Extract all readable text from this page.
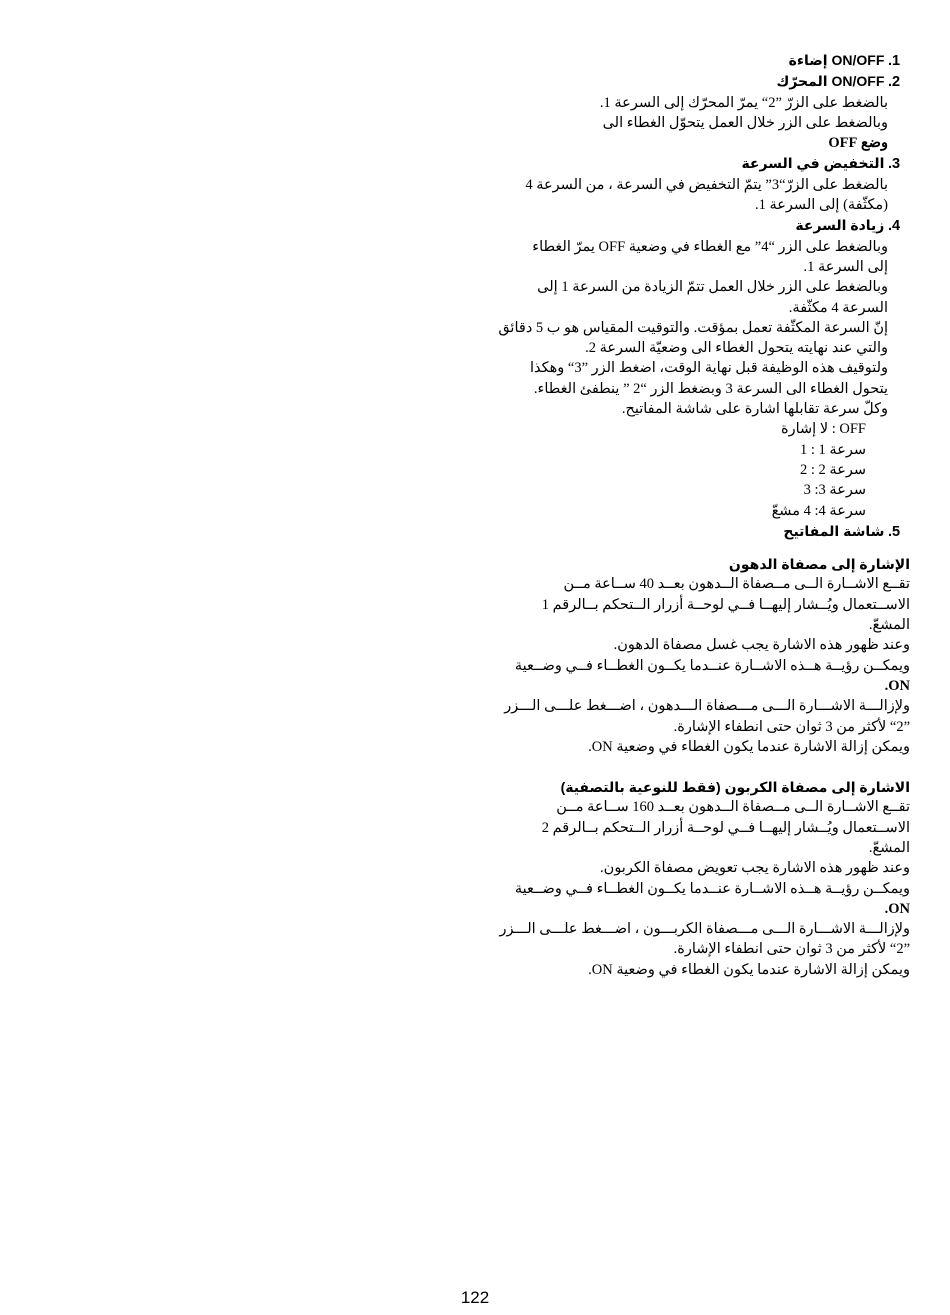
1. ON/OFF إضاءة
2. ON/OFF المحرّك
بالضغط على الزرّ ”2“ يمرّ المحرّك إلى السرعة 1.
وبالضغط على الزر خلال العمل يتحوّل الغطاء الى
وضع OFF
3. التخفيض في السرعة
بالضغط على الزرّ“3” يتمّ التخفيض في السرعة ، من السرعة 4
(مكثّفة) إلى السرعة 1.
4. زيادة السرعة
وبالضغط على الزر “4” مع الغطاء في وضعية OFF يمرّ الغطاء
إلى السرعة 1.
وبالضغط على الزر خلال العمل تتمّ الزيادة من السرعة 1 إلى
السرعة 4 مكثّفة.
إنّ السرعة المكثّفة تعمل بمؤقت. والتوقيت المقياس هو ب 5 دقائق
والتي عند نهايته يتحول الغطاء الى وضعيّة السرعة 2.
ولتوقيف هذه الوظيفة قبل نهاية الوقت، اضغط الزر ”3“ وهكذا
يتحول الغطاء الى السرعة 3 وبضغط الزر “2 ” ينطفئ الغطاء.
وكلّ سرعة تقابلها اشارة على شاشة المفاتيح.
OFF : لا إشارة
سرعة 1 : 1
سرعة 2 : 2
سرعة 3: 3
سرعة 4: 4 مشعّ
5. شاشة المفاتيح
الإشارة إلى مصفاة الدهون
تقــع الاشــارة الــى مــصفاة الــدهون بعــد 40 ســاعة مــن
الاســتعمال ويُــشار إليهــا فــي لوحــة أزرار الــتحكم بــالرقم 1
المشعّ.
وعند ظهور هذه الاشارة يجب غسل مصفاة الدهون.
ويمكــن رؤيــة هــذه الاشــارة عنــدما يكــون الغطــاء فــي وضــعية
ON.
ولإزالـــة الاشـــارة الـــى مـــصفاة الـــدهون ، اضـــغط علـــى الـــزر
”2“ لأكثر من 3 ثوان حتى انطفاء الإشارة.
ويمكن إزالة الاشارة عندما يكون الغطاء في وضعية ON.
الاشارة إلى مصفاة الكربون (فقط للنوعية بالتصفية)
تقــع الاشــارة الــى مــصفاة الــدهون بعــد 160 ســاعة مــن
الاســتعمال ويُــشار إليهــا فــي لوحــة أزرار الــتحكم بــالرقم 2
المشعّ.
وعند ظهور هذه الاشارة يجب تعويض مصفاة الكربون.
ويمكــن رؤيــة هــذه الاشــارة عنــدما يكــون الغطــاء فــي وضــعية
ON.
ولإزالـــة الاشـــارة الـــى مـــصفاة الكربـــون ، اضـــغط علـــى الـــزر
”2“ لأكثر من 3 ثوان حتى انطفاء الإشارة.
ويمكن إزالة الاشارة عندما يكون الغطاء في وضعية ON.
122
